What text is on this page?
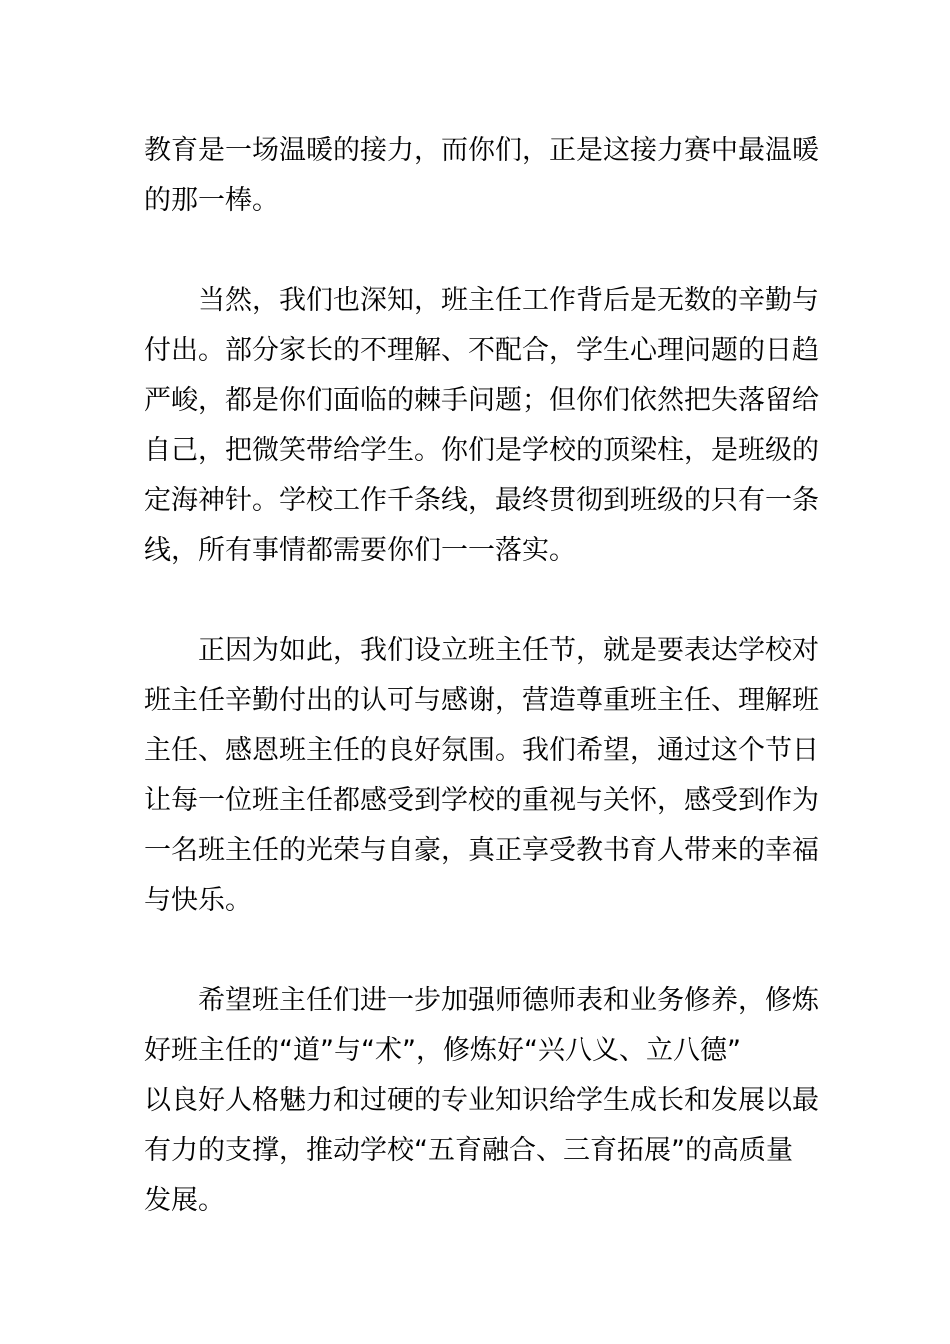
教育是一场温暖的接力，而你们，正是这接力赛中最温暖
的那一棒。

当然，我们也深知，班主任工作背后是无数的辛勤与
付出。部分家长的不理解、不配合，学生心理问题的日趋
严峻，都是你们面临的棘手问题；但你们依然把失落留给
自己，把微笑带给学生。你们是学校的顶梁柱，是班级的
定海神针。学校工作千条线，最终贯彻到班级的只有一条
线，所有事情都需要你们一一落实。

正因为如此，我们设立班主任节，就是要表达学校对
班主任辛勤付出的认可与感谢，营造尊重班主任、理解班
主任、感恩班主任的良好氛围。我们希望，通过这个节日
让每一位班主任都感受到学校的重视与关怀，感受到作为
一名班主任的光荣与自豪，真正享受教书育人带来的幸福
与快乐。

希望班主任们进一步加强师德师表和业务修养，修炼
好班主任的“道”与“术”，修炼好“兴八义、立八德”
以良好人格魅力和过硬的专业知识给学生成长和发展以最
有力的支撑，推动学校“五育融合、三育拓展”的高质量
发展。
